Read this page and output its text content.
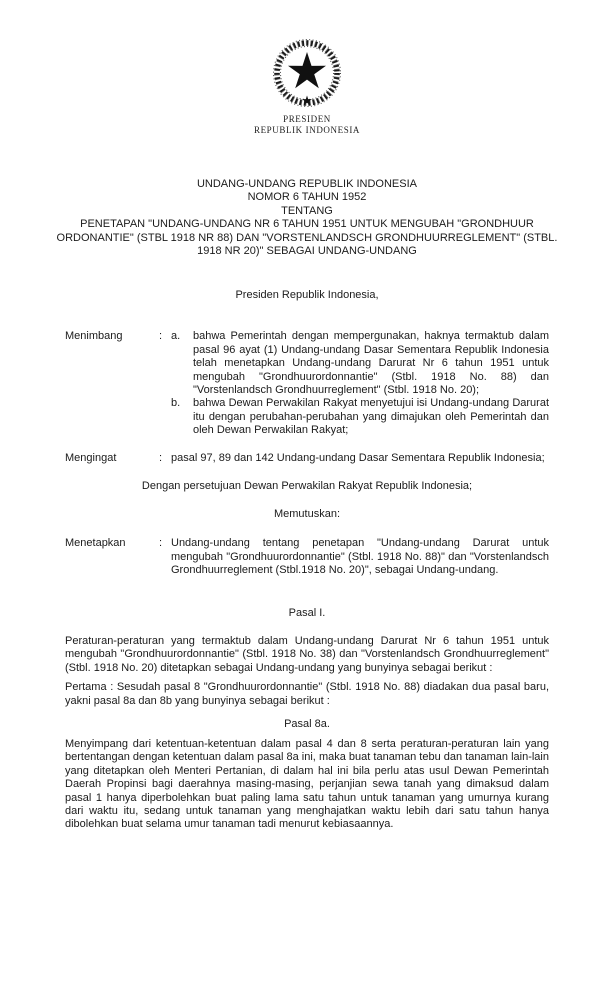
PRESIDEN
REPUBLIK INDONESIA
UNDANG-UNDANG REPUBLIK INDONESIA
NOMOR 6 TAHUN 1952
TENTANG
PENETAPAN "UNDANG-UNDANG NR 6 TAHUN 1951 UNTUK MENGUBAH "GRONDHUUR ORDONANTIE" (STBL 1918 NR 88) DAN "VORSTENLANDSCH GRONDHUURREGLEMENT" (STBL. 1918 NR 20)" SEBAGAI UNDANG-UNDANG
Presiden Republik Indonesia,
Menimbang	: a.	bahwa Pemerintah dengan mempergunakan, haknya termaktub dalam pasal 96 ayat (1) Undang-undang Dasar Sementara Republik Indonesia telah menetapkan Undang-undang Darurat Nr 6 tahun 1951 untuk mengubah "Grondhuurordonnantie" (Stbl. 1918 No. 88) dan "Vorstenlandsch Grondhuurreglement" (Stbl. 1918 No. 20);
b.	bahwa Dewan Perwakilan Rakyat menyetujui isi Undang-undang Darurat itu dengan perubahan-perubahan yang dimajukan oleh Pemerintah dan oleh Dewan Perwakilan Rakyat;
Mengingat	: pasal 97, 89 dan 142 Undang-undang Dasar Sementara Republik Indonesia;
Dengan persetujuan Dewan Perwakilan Rakyat Republik Indonesia;
Memutuskan:
Menetapkan	: Undang-undang tentang penetapan "Undang-undang Darurat untuk mengubah "Grondhuurordonnantie" (Stbl. 1918 No. 88)" dan "Vorstenlandsch Grondhuurreglement (Stbl.1918 No. 20)", sebagai Undang-undang.
Pasal I.
Peraturan-peraturan yang termaktub dalam Undang-undang Darurat Nr 6 tahun 1951 untuk mengubah "Grondhuurordonnantie" (Stbl. 1918 No. 38) dan "Vorstenlandsch Grondhuurreglement" (Stbl. 1918 No. 20) ditetapkan sebagai Undang-undang yang bunyinya sebagai berikut :
Pertama : Sesudah pasal 8 "Grondhuurordonnantie" (Stbl. 1918 No. 88) diadakan dua pasal baru, yakni pasal 8a dan 8b yang bunyinya sebagai berikut :
Pasal 8a.
Menyimpang dari ketentuan-ketentuan dalam pasal 4 dan 8 serta peraturan-peraturan lain yang bertentangan dengan ketentuan dalam pasal 8a ini, maka buat tanaman tebu dan tanaman lain-lain yang ditetapkan oleh Menteri Pertanian, di dalam hal ini bila perlu atas usul Dewan Pemerintah Daerah Propinsi bagi daerahnya masing-masing, perjanjian sewa tanah yang dimaksud dalam pasal 1 hanya diperbolehkan buat paling lama satu tahun untuk tanaman yang umurnya kurang dari waktu itu, sedang untuk tanaman yang menghajatkan waktu lebih dari satu tahun hanya dibolehkan buat selama umur tanaman tadi menurut kebiasaannya.
